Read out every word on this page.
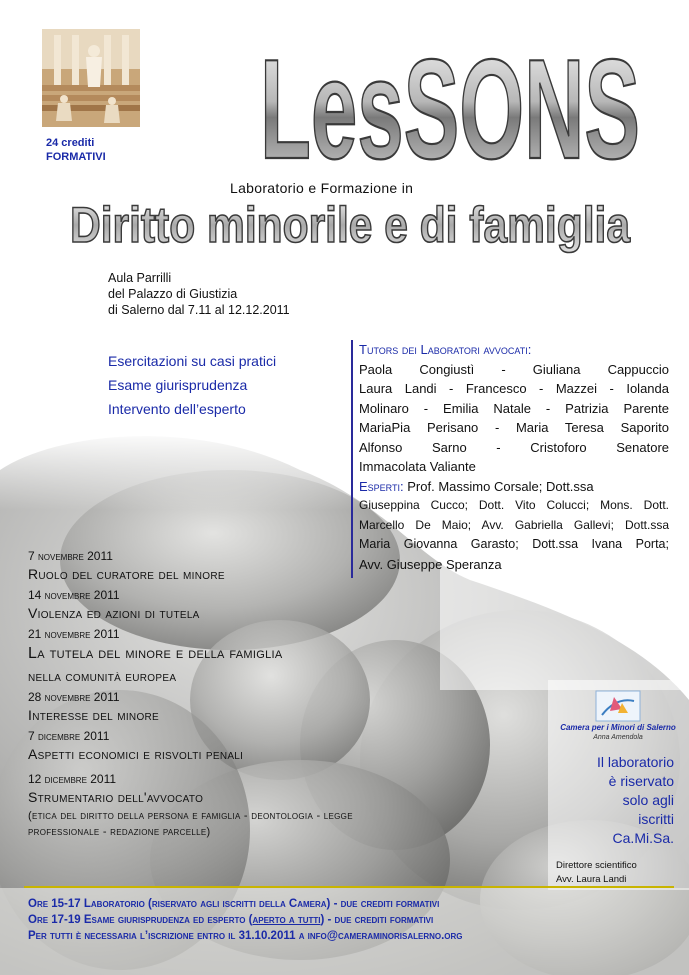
24 crediti
FORMATIVI LesSONS
Laboratorio e Formazione in
Diritto minorile e di famiglia
Aula Parrilli
del Palazzo di Giustizia
di Salerno dal 7.11 al 12.12.2011
Esercitazioni su casi pratici
Esame giurisprudenza
Intervento dell’esperto
Tutors dei Laboratori avvocati:
Paola Congiustì - Giuliana Cappuccio
Laura Landi - Francesco - Mazzei - Iolanda
Molinaro - Emilia Natale - Patrizia Parente
MariaPia Perisano - Maria Teresa Saporito
Alfonso Sarno - Cristoforo Senatore
Immacolata Valiante
Esperti: Prof. Massimo Corsale; Dott.ssa
Giuseppina Cucco; Dott. Vito Colucci; Mons. Dott.
Marcello De Maio; Avv. Gabriella Gallevi; Dott.ssa
Maria Giovanna Garasto; Dott.ssa Ivana Porta;
Avv. Giuseppe Speranza
7 novembre 2011
Ruolo del curatore del minore
14 novembre 2011
Violenza ed azioni di tutela
21 novembre 2011
La tutela del minore e della famiglia
nella comunità europea
28 novembre 2011
Interesse del minore
7 dicembre 2011
Aspetti economici e risvolti penali
12 dicembre 2011
Strumentario dell'avvocato
(etica del diritto della persona e famiglia - deontologia - legge
professionale - redazione parcelle)
Camera per i Minori di Salerno
Anna Amendola
Il laboratorio
è riservato
solo agli
iscritti
Ca.Mi.Sa.
Direttore scientifico
Avv. Laura Landi
Ore 15-17 Laboratorio (riservato agli iscritti della Camera) - due crediti formativi
Ore 17-19 Esame giurisprudenza ed esperto (aperto a tutti) - due crediti formativi
Per tutti è necessaria l’iscrizione entro il 31.10.2011 a info@cameraminorisalerno.org
